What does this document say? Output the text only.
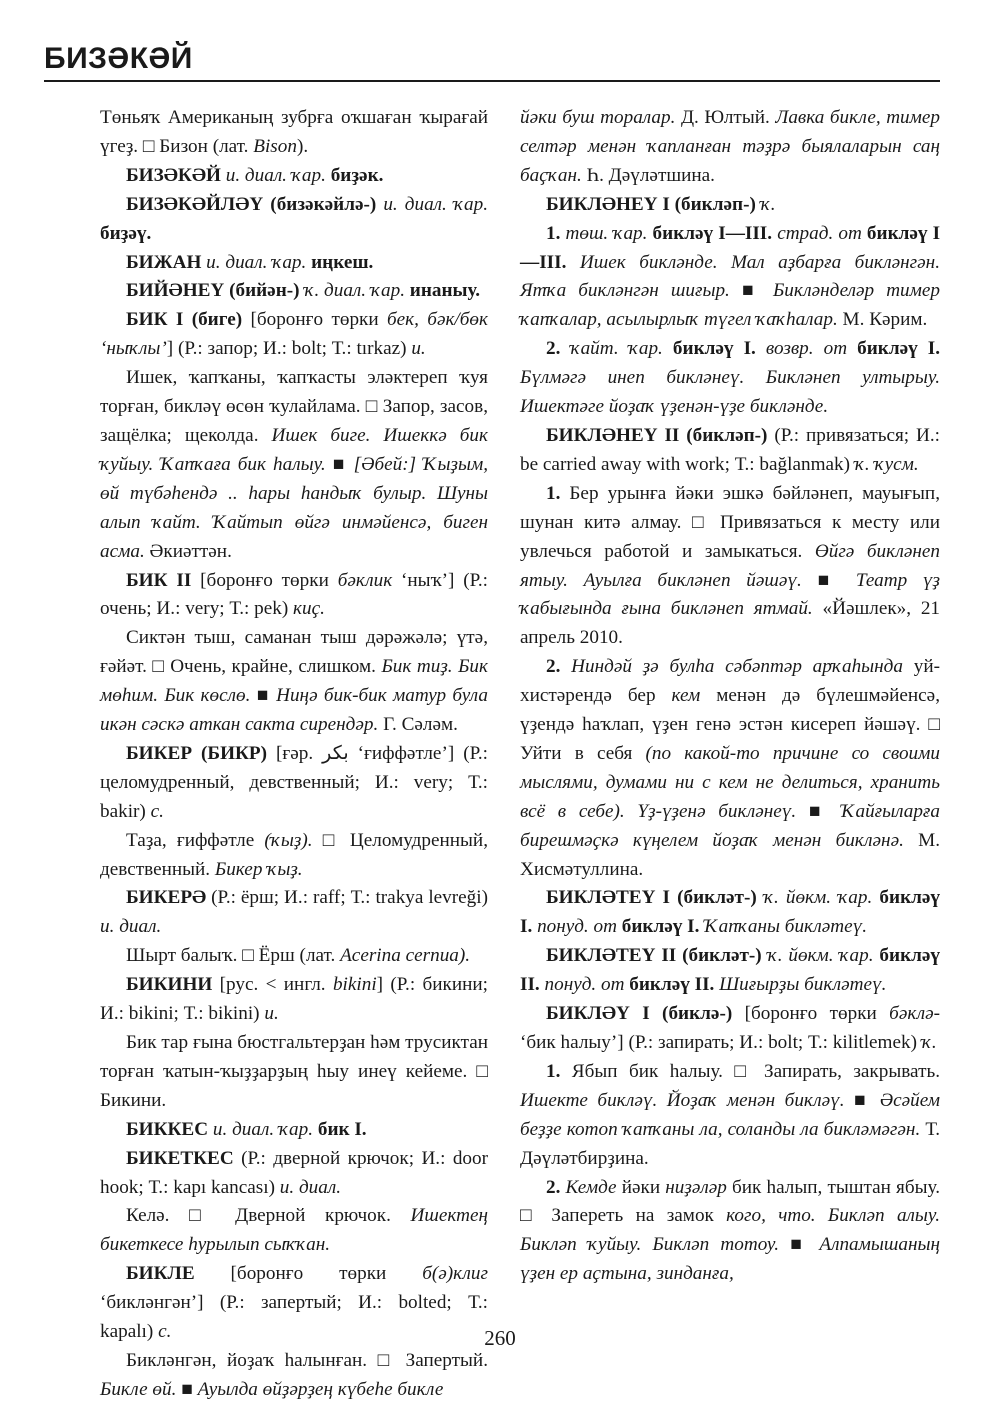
БИЗӘКӘЙ

Төньяҡ Американың зубрға оҡшаған ҡырағай үгеҙ. □ Бизон (лат. Bison).

БИЗӘКӘЙ и. диал. ҡар. биҙәк.

БИЗӘКӘЙЛӘҮ (бизәкәйлә-) и. диал. ҡар. биҙәү.

БИЖАН и. диал. ҡар. иңкеш.

БИЙӘНЕҮ (бийән-) ҡ. диал. ҡар. инаныу.

БИК I (биге) [боронғо төрки бек, бәк/бөк ‘ныҡлы’] (Р.: запор; И.: bolt; Т.: tırkaz) и.

Ишек, ҡапҡаны, ҡапҡасты эләктереп ҡуя торған, бикләү өсөн ҡулайлама. □ Запор, засов, защёлка; щеколда. Ишек биге. Ишеккә бик ҡуйыу. Ҡапҡаға бик һалыу. ■ [Әбей:] Ҡыҙым, өй түбәһендә .. һары һандыҡ булыр. Шуны алып ҡайт. Ҡайтып өйгә инмәйенсә, биген асма. Әкиәттән.

БИК II [боронғо төрки бәклик ‘ныҡ’] (Р.: очень; И.: very; Т.: pek) киҫ.

Сиктән тыш, саманан тыш дәрәжәлә; үтә, ғәйәт. □ Очень, крайне, слишком. Бик тиҙ. Бик мөһим. Бик көслө. ■ Ниңә бик-бик матур була икән сәскә аткан сакта сирендәр. Г. Сәләм.

БИКЕР (БИКР) [ғәр. بكر ‘ғиффәтле’] (Р.: целомудренный, девственный; И.: very; Т.: bakir) с.

Таҙа, ғиффәтле (ҡыҙ). □ Целомудренный, девственный. Бикер ҡыҙ.

БИКЕРӘ (Р.: ёрш; И.: raff; Т.: trakya levreği) и. диал.

Шырт балыҡ. □ Ёрш (лат. Acerina cernua).

БИКИНИ [рус. < ингл. bikini] (Р.: бикини; И.: bikini; Т.: bikini) и.

Бик тар ғына бюстгальтерҙан һәм трусиктан торған ҡатын-ҡыҙҙарҙың һыу инеү кейеме. □ Бикини.

БИККЕС и. диал. ҡар. бик I.

БИКЕТКЕС (Р.: дверной крючок; И.: door hook; Т.: kapı kancası) и. диал.

Келә. □ Дверной крючок. Ишектең бикеткесе һурылып сыҡҡан.

БИКЛЕ [боронғо төрки б(ә)клиг ‘бикләнгән’] (Р.: запертый; И.: bolted; Т.: kapalı) с.

Бикләнгән, йоҙаҡ һалынған. □ Запертый. Бикле өй. ■ Ауылда өйҙәрҙең күбеһе бикле

йәки буш торалар. Д. Юлтый. Лавка бикле, тимер селтәр менән ҡапланған тәҙрә быялаларын саң баҫҡан. Һ. Дәүләтшина.

БИКЛӘНЕҮ I (бикләп-) ҡ.

1. төш. ҡар. бикләү I—III. страд. от бикләү I—III. Ишек бикләнде. Мал аҙбарға бикләнгән. Ятҡа бикләнгән шиғыр. ■ Бикләнделәр тимер ҡапҡалар, асылырлыҡ түгел ҡаҡһалар. М. Кәрим.

2. ҡайт. ҡар. бикләү I. возвр. от бикләү I. Бүлмәгә инеп бикләнеү. Бикләнеп ултырыу. Ишектәге йоҙаҡ үҙенән-үҙе бикләнде.

БИКЛӘНЕҮ II (бикләп-) (Р.: привязаться; И.: be carried away with work; Т.: bağlanmak) ҡ. ҡусм.

1. Бер урынға йәки эшкә бәйләнеп, мауығып, шунан китә алмау. □ Привязаться к месту или увлечься работой и замыкаться. Өйгә бикләнеп ятыу. Ауылға бикләнеп йәшәү. ■ Театр үҙ ҡабығында ғына бикләнеп ятмай. «Йәшлек», 21 апрель 2010.

2. Ниндәй ҙә булһа сәбәптәр арҡаһында уй-хистәрендә бер кем менән дә бүлешмәйенсә, үҙендә һаҡлап, үҙен генә эстән кисереп йәшәү. □ Уйти в себя (по какой-то причине со своими мыслями, думами ни с кем не делиться, хранить всё в себе). Үҙ-үҙенә бикләнеү. ■ Ҡайғыларға бирешмәҫкә күңелем йоҙаҡ менән бикләнә. М. Хисмәтуллина.

БИКЛӘТЕҮ I (бикләт-) ҡ. йөкм. ҡар. бикләү I. понуд. от бикләү I. Ҡапҡаны бикләтеү.

БИКЛӘТЕҮ II (бикләт-) ҡ. йөкм. ҡар. бикләү II. понуд. от бикләү II. Шиғырҙы бикләтеү.

БИКЛӘҮ I (биклә-) [боронғо төрки бәклә- ‘бик һалыу’] (Р.: запирать; И.: bolt; Т.: kilitlemek) ҡ.

1. Ябып бик һалыу. □ Запирать, закрывать. Ишекте бикләү. Йоҙаҡ менән бикләү. ■ Әсәйем беҙҙе котоп ҡапҡаны ла, соланды ла бикләмәгән. Т. Дәүләтбирҙина.

2. Кемде йәки ниҙәләр бик һалып, тыштан ябыу. □ Запереть на замок кого, что. Бикләп алыу. Бикләп ҡуйыу. Бикләп тотоу. ■ Алпамышаның үҙен ер аҫтына, зинданға,

260
